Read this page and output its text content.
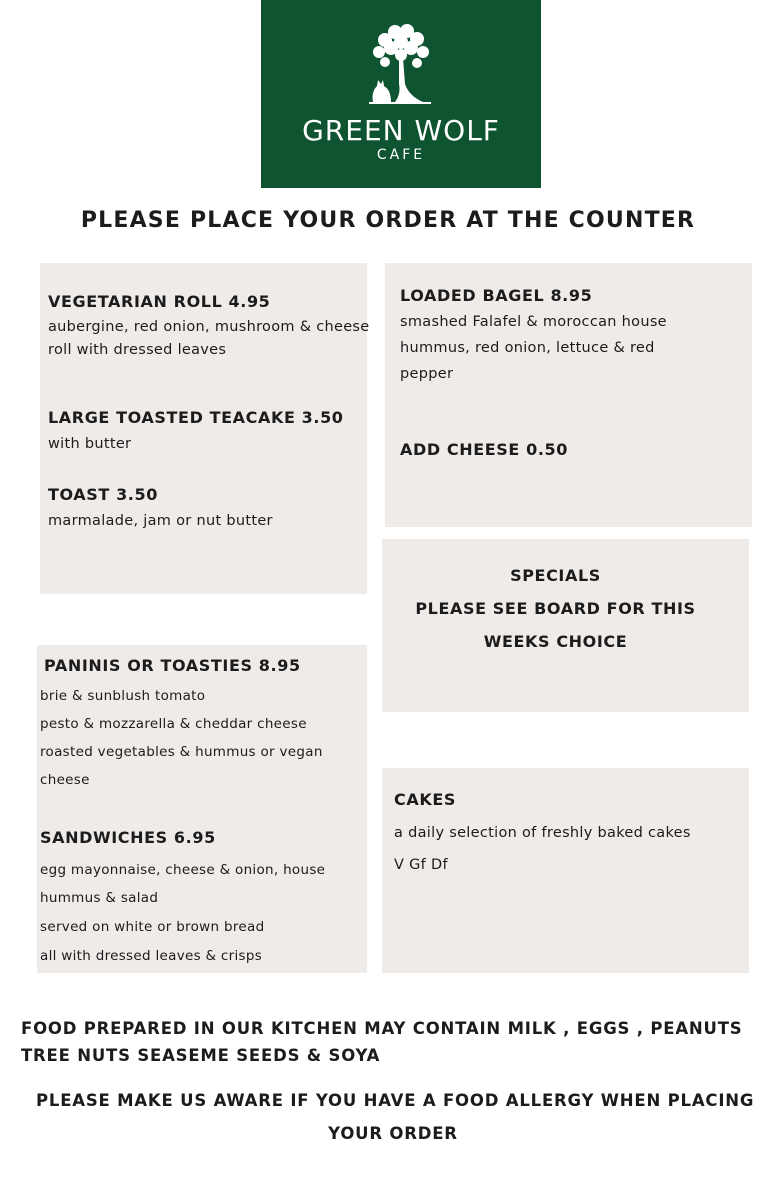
GREEN WOLF
CAFE
PLEASE PLACE YOUR ORDER AT THE COUNTER
VEGETARIAN ROLL 4.95
aubergine, red onion, mushroom & cheese
roll with dressed leaves
LARGE TOASTED TEACAKE 3.50
with butter
TOAST 3.50
marmalade, jam or nut butter
LOADED BAGEL 8.95
smashed Falafel & moroccan house
hummus, red onion, lettuce & red
pepper
ADD CHEESE 0.50
SPECIALS
PLEASE SEE BOARD FOR THIS
WEEKS CHOICE
PANINIS OR TOASTIES 8.95
brie & sunblush tomato
pesto & mozzarella & cheddar cheese
roasted vegetables & hummus or vegan
cheese
SANDWICHES 6.95
egg mayonnaise, cheese & onion, house
hummus & salad
served on white or brown bread
all with dressed leaves & crisps
CAKES
a daily selection of freshly baked cakes
V Gf Df
FOOD PREPARED IN OUR KITCHEN MAY CONTAIN MILK , EGGS , PEANUTS
TREE NUTS SEASEME SEEDS & SOYA
PLEASE MAKE US AWARE IF YOU HAVE A FOOD ALLERGY WHEN PLACING
YOUR ORDER
